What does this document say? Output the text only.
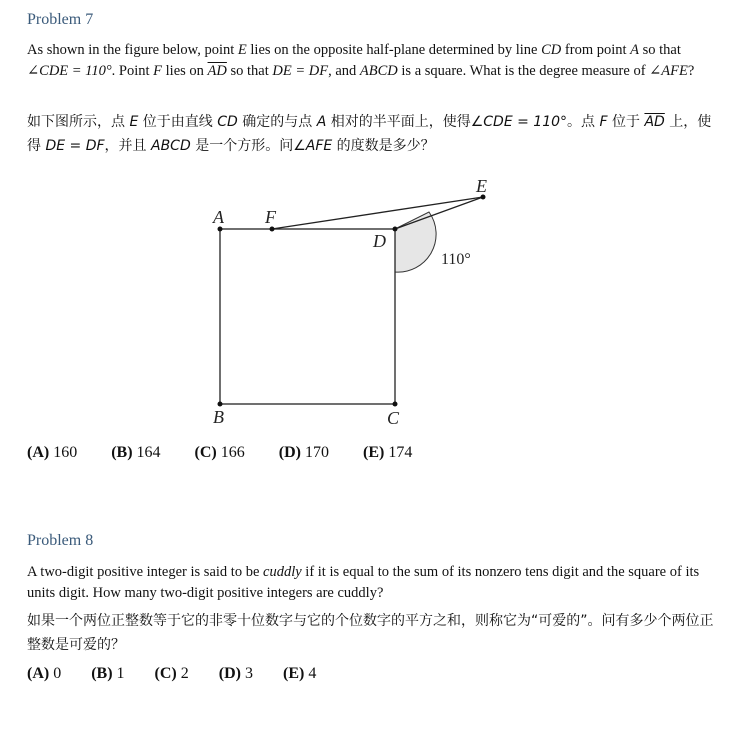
Problem 7
As shown in the figure below, point E lies on the opposite half-plane determined by line CD from point A so that ∠CDE = 110°. Point F lies on $\overline{AD}$ so that DE = DF, and ABCD is a square. What is the degree measure of ∠AFE?
如下图所示，点 E 位于由直线 CD 确定的与点 A 相对的半平面上，使得∠CDE = 110°。点 F 位于 $\overline{AD}$ 上，使得 DE = DF，并且 ABCD 是一个方形。问∠AFE 的度数是多少？
A F
D
E
B	C
110°
(A) 160 (B) 164 (C) 166 (D) 170 (E) 174
Problem 8
A two-digit positive integer is said to be cuddly if it is equal to the sum of its nonzero tens digit and the square of its units digit. How many two-digit positive integers are cuddly?
如果一个两位正整数等于它的非零十位数字与它的个位数字的平方之和，则称它为“可爱的”。问有多少个两位正整数是可爱的？
(A) 0 (B) 1 (C) 2 (D) 3 (E) 4
